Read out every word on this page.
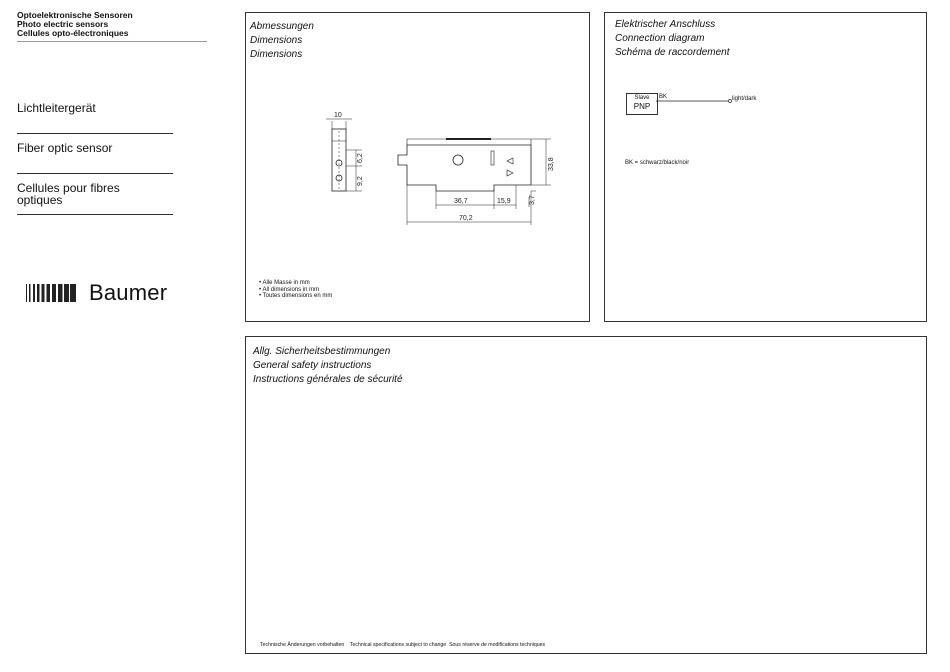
Optoelektronische Sensoren
Photo electric sensors
Cellules opto-électroniques
Lichtleitergerät
Fiber optic sensor
Cellules pour fibres
optiques
Baumer
Abmessungen
Dimensions
Dimensions
10
6,2
9,2
33,8
36,7	15,9	3,7
70,2
• Alle Masse in mm
• All dimensions in mm
• Toutes dimensions en mm
Elektrischer Anschluss
Connection diagram
Schéma de raccordement
Slave
PNP
BK	light/dark
BK = schwarz/black/noir
Allg. Sicherheitsbestimmungen
General safety instructions
Instructions générales de sécurité
Technische Änderungen vorbehalten    Technical specifications subject to change  Sous réserve de modifications techniques
